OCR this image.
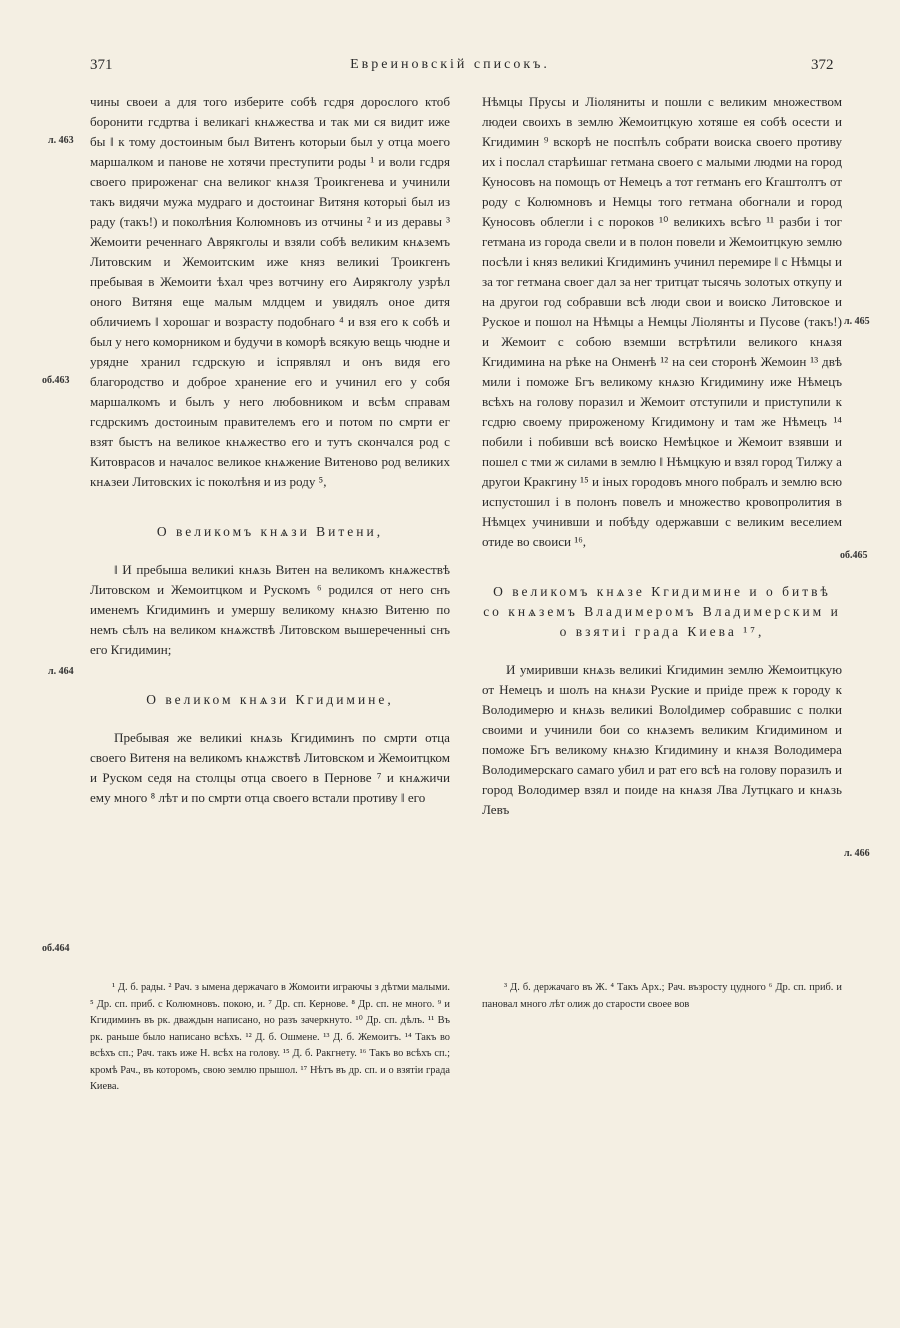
371	Евреиновскій списокъ.	372
л. 463
об.463
л. 464
об.464
л. 465
об.465
л. 466

чины своеи а для того изберите собѣ гсдря дорослого ктоб боронити гсдртва і великагі кнѧжества и так ми ся видит иже бы ‖ к тому достоиным был Витенъ которыи был у отца моего маршалком и панове не хотячи преступити роды ¹ и воли гсдря своего прироженаг сна великог кнѧзя Троикгенева и учинили такъ видячи мужа мудраго и достоинаг Витяня которыі был из раду (такъ!) и поколѣния Колюмновъ из отчины ² и из деравы ³ Жемоити реченнаго Аврякголы и взяли собѣ великим кнѧземъ Литовским и Жемоитским иже княз великиі Троикгенъ пребывая в Жемоити ѣхал чрез вотчину его Аирякголу узрѣл оного Витяня еще малым млдцем и увидялъ оное дитя обличиемъ ‖ хорошаг и возрасту подобнаго ⁴ и взя его к собѣ и был у него коморником и будучи в коморѣ всякую вещь чюдне и урядне хранил гсдрскую и іспрявлял и онъ видя его благородство и доброе хранение его и учинил его у собя маршалкомъ и былъ у него любовником и всѣм справам гсдрскимъ достоиным правителемъ его и потом по смрти ег взят быстъ на великое кнѧжество его и тутъ скончался род с Китоврасов и началос великое кнѧжение Витеново род великих кнѧзеи Литовских іс поколѣня и из роду ⁵,

О великомъ кнѧзи Витени,

‖ И пребыша великиі кнѧзь Витен на великомъ кнѧжествѣ Литовском и Жемоитцком и Рускомъ ⁶ родился от него снъ именемъ Кгидиминъ и умершу великому кнѧзю Витеню по немъ сѣлъ на великом кнѧжствѣ Литовском вышереченныі снъ его Кгидимин;

О великом кнѧзи Кгидимине,

Пребывая же великиі кнѧзь Кгидиминъ по смрти отца своего Витеня на великомъ кнѧжствѣ Литовском и Жемоитцком и Руском седя на столцы отца своего в Пернове ⁷ и кнѧжичи ему много ⁸ лѣт и по смрти отца своего встали противу ‖ его

Нѣмцы Прусы и Ліоляниты и пошли с великим множеством людеи своихъ в землю Жемоитцкую хотяше ея собѣ осести и Кгидимин ⁹ вскорѣ не поспѣлъ собрати воиска своего противу их і послал старѣишаг гетмана своего с малыми людми на город Куносовъ на помощъ от Немецъ а тот гетманъ его Кгаштолтъ от роду с Колюмновъ и Немцы того гетмана обогнали и город Куносовъ облегли і с пороков ¹⁰ великихъ всѣго ¹¹ разби і тог гетмана из города свели и в полон повели и Жемоитцкую землю посѣли і княз великиі Кгидиминъ учинил перемире ‖ с Нѣмцы и за тог гетмана своег дал за нег тритцат тысячь золотых откупу и на другои год собравши всѣ люди свои и воиско Литовское и Руское и пошол на Нѣмцы а Немцы Ліолянты и Пусове (такъ!) и Жемоит с собою вземши встрѣтили великого кнѧзя Кгидимина на рѣке на Онменѣ ¹² на сеи сторонѣ Жемоин ¹³ двѣ мили і поможе Бгъ великому кнѧзю Кгидимину иже Нѣмецъ всѣхъ на голову поразил и Жемоит отступили и приступили к гсдрю своему прироженому Кгидимону и там же Нѣмецъ ¹⁴ побили і побивши всѣ воиско Немѣцкое и Жемоит взявши и пошел с тми ж силами в землю ‖ Нѣмцкую и взял город Тилжу а другои Кракгину ¹⁵ и іных городовъ много побралъ и землю всю испустошил і в полонъ повелъ и множество кровопролития в Нѣмцех учинивши и побѣду одержавши с великим веселием отиде во своиси ¹⁶,

О великомъ кнѧзе Кгидимине и о битвѣ со кнѧземъ Владимеромъ Владимерским и о взятиі града Киева ¹⁷,

И умиривши кнѧзь великиі Кгидимин землю Жемоитцкую от Немецъ и шолъ на кнѧзи Руские и приіде преж к городу к Володимерю и кнѧзь великиі Воло‖димер собравшис с полки своими и учинили бои со кнѧземъ великим Кгидимином и поможе Бгъ великому кнѧзю Кгидимину и кнѧзя Володимера Володимерскаго самаго убил и рат его всѣ на голову поразилъ и город Володимер взял и поиде на кнѧзя Лва Лутцкаго и кнѧзь Левъ

¹ Д. б. рады. ² Рач. з ымена держачаго в Жомоити играючы з дѣтми малыми. ⁵ Др. сп. приб. с Колюмновъ. покою, и. ⁷ Др. сп. Кернове. ⁸ Др. сп. не много. ⁹ и Кгидиминъ въ рк. дваждын написано, но разъ зачеркнуто. ¹⁰ Др. сп. дѣлъ. ¹¹ Въ рк. раньше было написано всѣхъ. ¹² Д. б. Ошмене. ¹³ Д. б. Жемоитъ. ¹⁴ Такъ во всѣхъ сп.; Рач. такъ иже Н. всѣх на голову. ¹⁵ Д. б. Ракгнету. ¹⁶ Такъ во всѣхъ сп.; кромѣ Рач., въ которомъ, свою землю прышол. ¹⁷ Нѣтъ въ др. сп. и о взятіи града Киева.

³ Д. б. держачаго въ Ж. ⁴ Такъ Арх.; Рач. възросту цудного ⁶ Др. сп. приб. и пановал много лѣт олиж до старости своее вов
